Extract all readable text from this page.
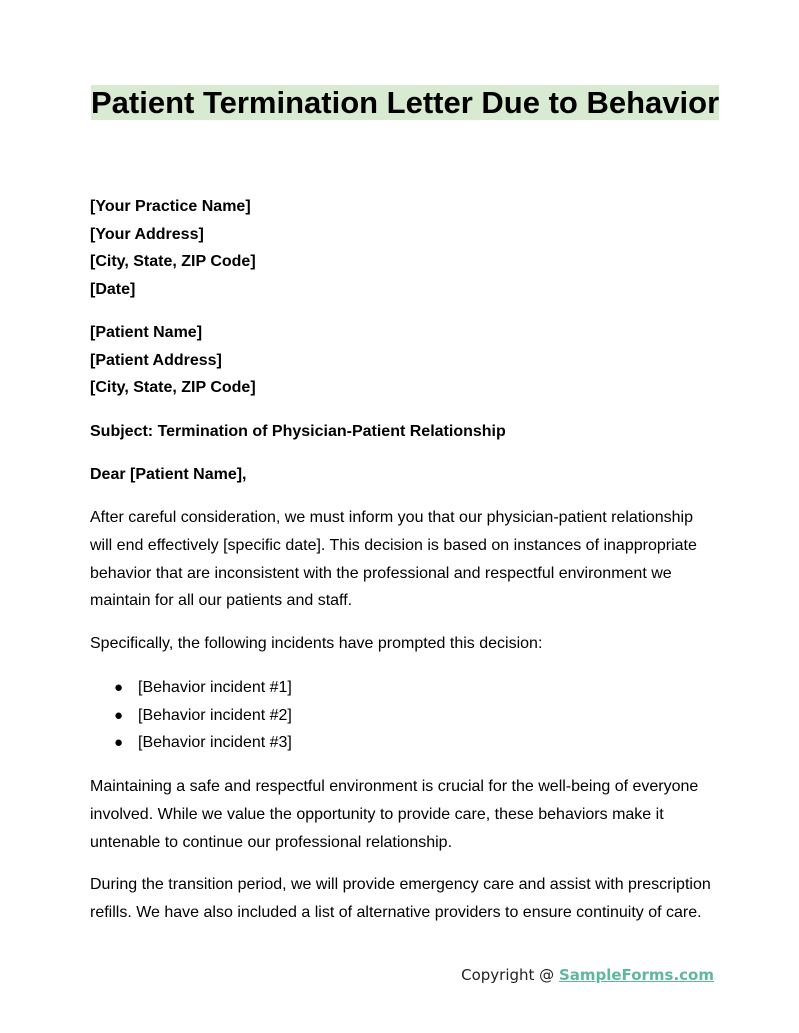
Patient Termination Letter Due to Behavior
[Your Practice Name]
[Your Address]
[City, State, ZIP Code]
[Date]
[Patient Name]
[Patient Address]
[City, State, ZIP Code]
Subject: Termination of Physician-Patient Relationship
Dear [Patient Name],
After careful consideration, we must inform you that our physician-patient relationship will end effectively [specific date]. This decision is based on instances of inappropriate behavior that are inconsistent with the professional and respectful environment we maintain for all our patients and staff.
Specifically, the following incidents have prompted this decision:
● [Behavior incident #1]
● [Behavior incident #2]
● [Behavior incident #3]
Maintaining a safe and respectful environment is crucial for the well-being of everyone involved. While we value the opportunity to provide care, these behaviors make it untenable to continue our professional relationship.
During the transition period, we will provide emergency care and assist with prescription refills. We have also included a list of alternative providers to ensure continuity of care.
Copyright @ SampleForms.com
